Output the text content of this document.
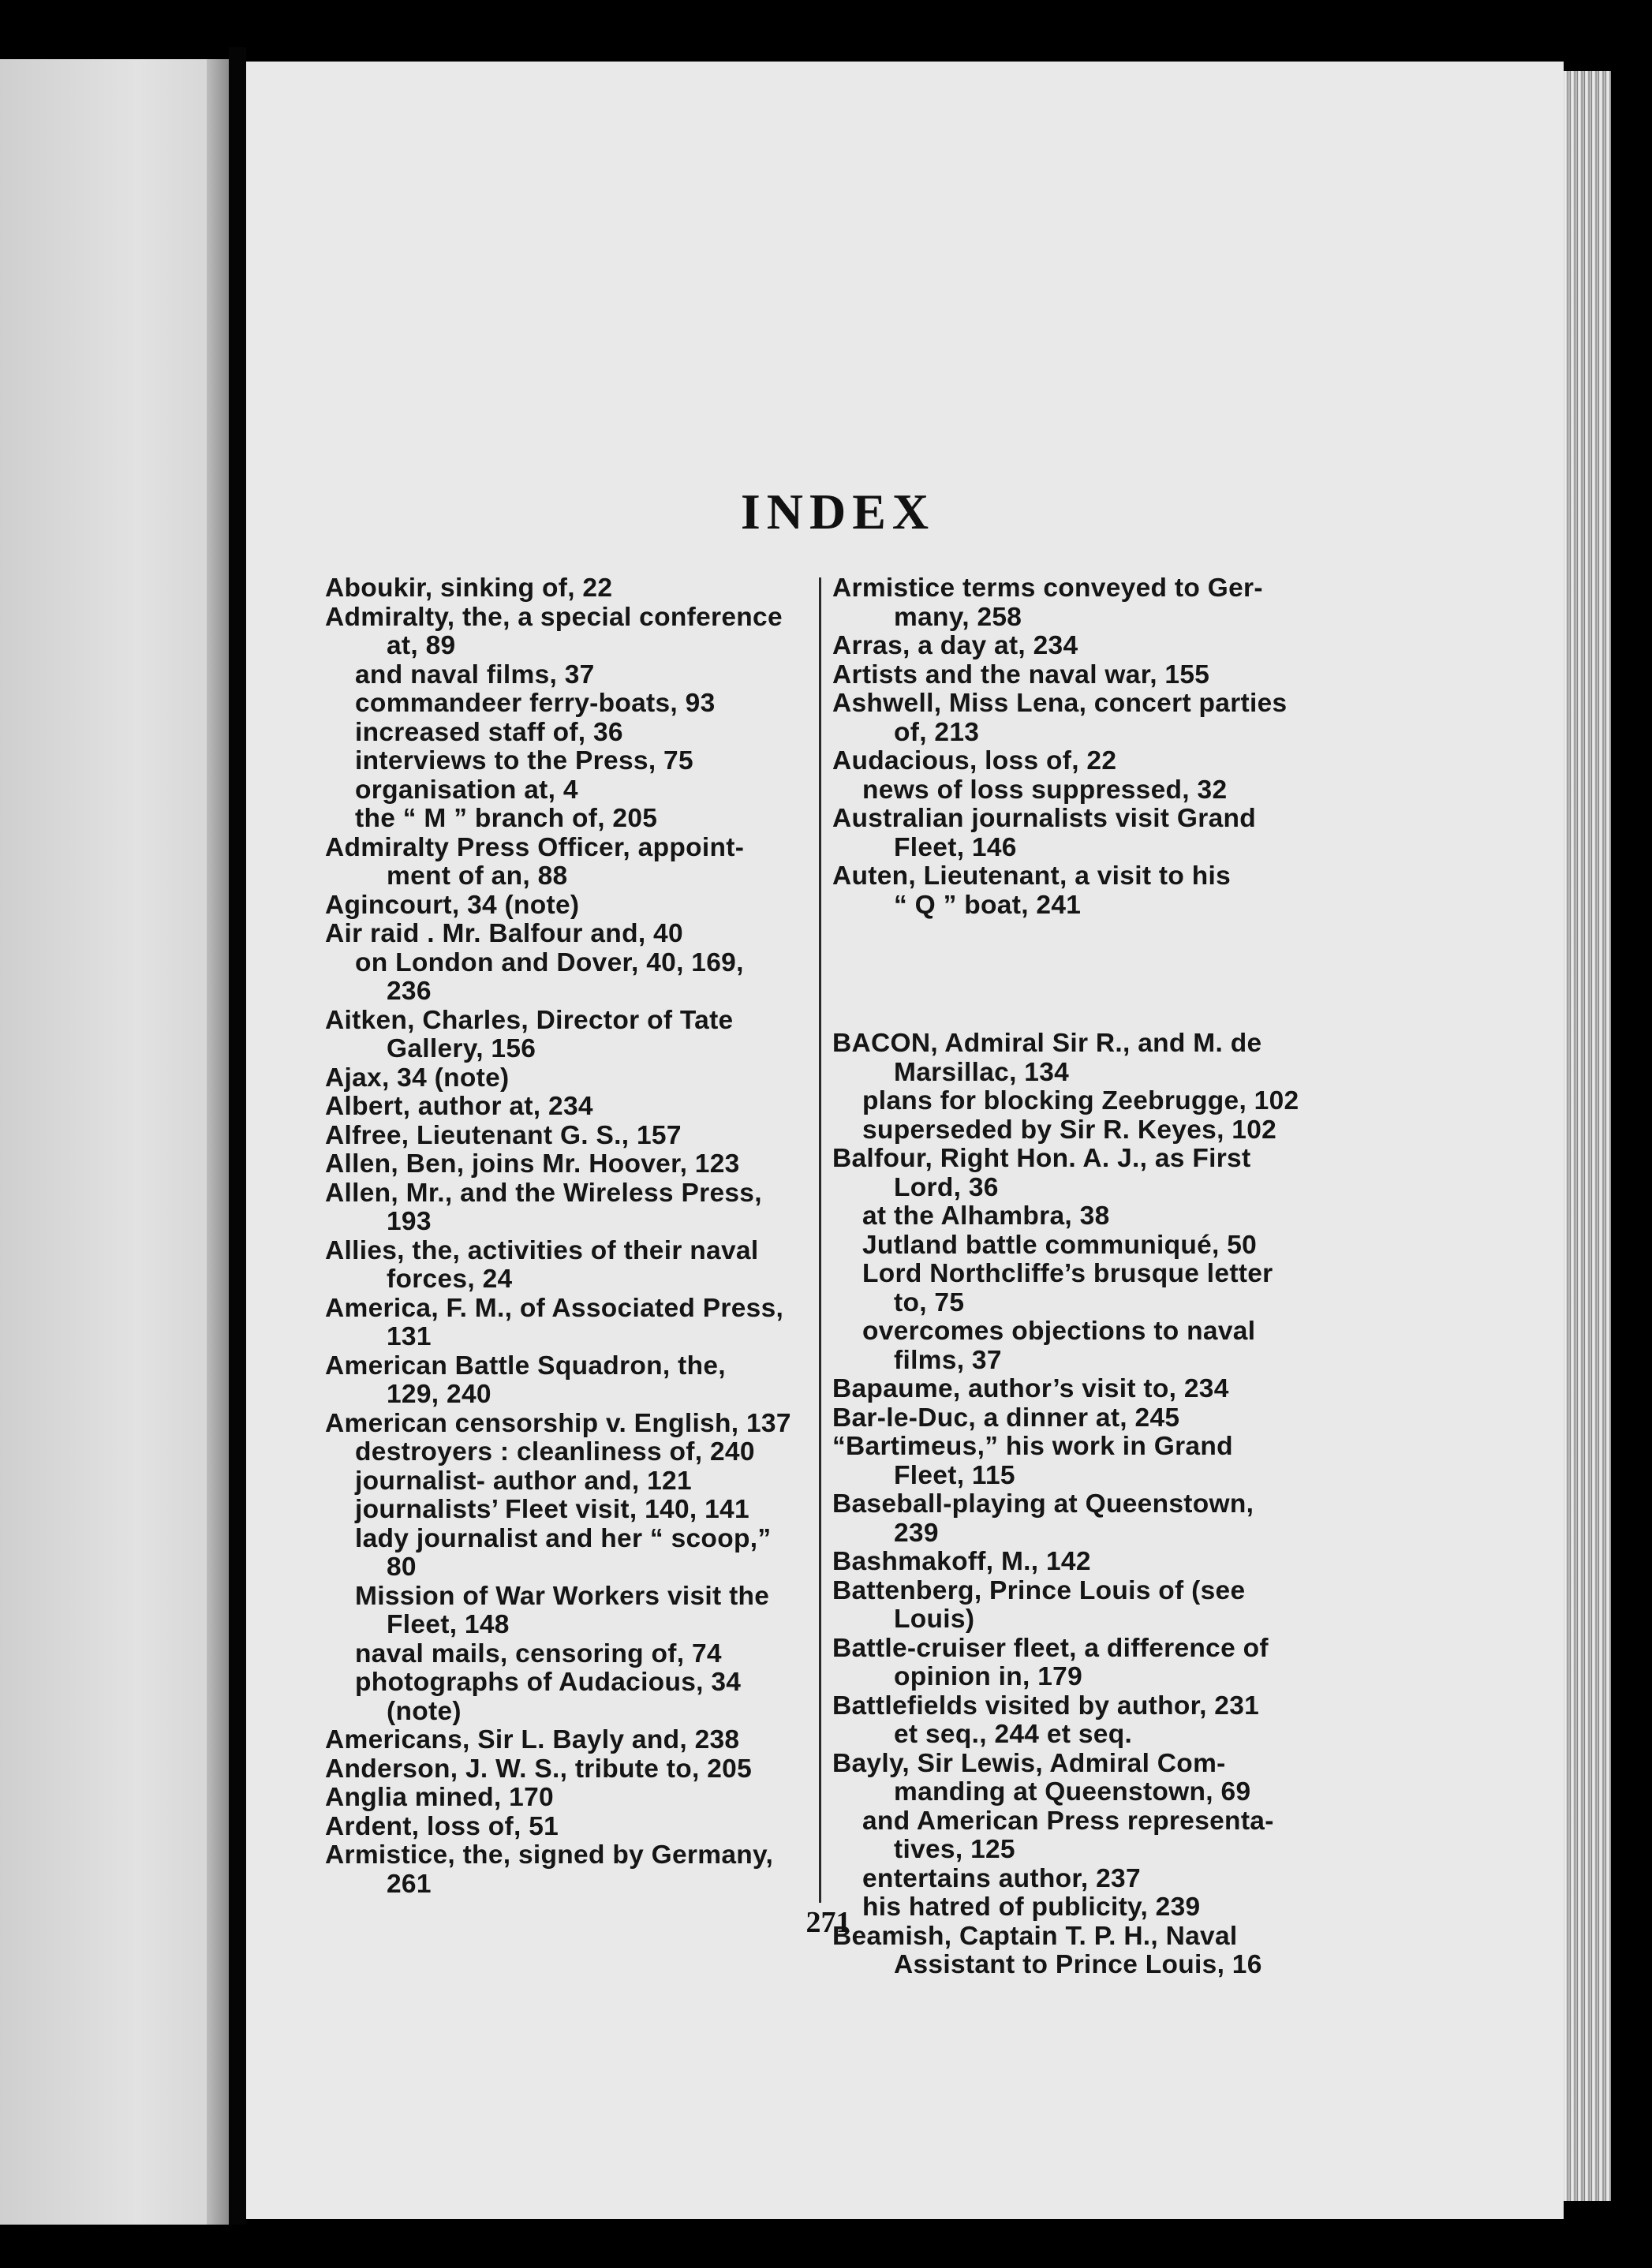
INDEX

Aboukir, sinking of, 22

Admiralty, the, a special conference

at, 89

and naval films, 37

commandeer ferry-boats, 93

increased staff of, 36

interviews to the Press, 75

organisation at, 4

the “ M ” branch of, 205

Admiralty Press Officer, appoint-

ment of an, 88

Agincourt, 34 (note)

Air raid . Mr. Balfour and, 40

on London and Dover, 40, 169,

236

Aitken, Charles, Director of Tate

Gallery, 156

Ajax, 34 (note)

Albert, author at, 234

Alfree, Lieutenant G. S., 157

Allen, Ben, joins Mr. Hoover, 123

Allen, Mr., and the Wireless Press,

193

Allies, the, activities of their naval

forces, 24

America, F. M., of Associated Press,

131

American Battle Squadron, the,

129, 240

American censorship v. English, 137

destroyers : cleanliness of, 240

journalist- author and, 121

journalists’ Fleet visit, 140, 141

lady journalist and her “ scoop,”

80

Mission of War Workers visit the

Fleet, 148

naval mails, censoring of, 74

photographs of Audacious, 34

(note)

Americans, Sir L. Bayly and, 238

Anderson, J. W. S., tribute to, 205

Anglia mined, 170

Ardent, loss of, 51

Armistice, the, signed by Germany,

261

Armistice terms conveyed to Ger-

many, 258

Arras, a day at, 234

Artists and the naval war, 155

Ashwell, Miss Lena, concert parties

of, 213

Audacious, loss of, 22

news of loss suppressed, 32

Australian journalists visit Grand

Fleet, 146

Auten, Lieutenant, a visit to his

“ Q ” boat, 241

BACON, Admiral Sir R., and M. de

Marsillac, 134

plans for blocking Zeebrugge, 102

superseded by Sir R. Keyes, 102

Balfour, Right Hon. A. J., as First

Lord, 36

at the Alhambra, 38

Jutland battle communiqué, 50

Lord Northcliffe’s brusque letter

to, 75

overcomes objections to naval

films, 37

Bapaume, author’s visit to, 234

Bar-le-Duc, a dinner at, 245

“Bartimeus,” his work in Grand

Fleet, 115

Baseball-playing at Queenstown,

239

Bashmakoff, M., 142

Battenberg, Prince Louis of (see

Louis)

Battle-cruiser fleet, a difference of

opinion in, 179

Battlefields visited by author, 231

et seq., 244 et seq.

Bayly, Sir Lewis, Admiral Com-

manding at Queenstown, 69

and American Press representa-

tives, 125

entertains author, 237

his hatred of publicity, 239

Beamish, Captain T. P. H., Naval

Assistant to Prince Louis, 16

271
